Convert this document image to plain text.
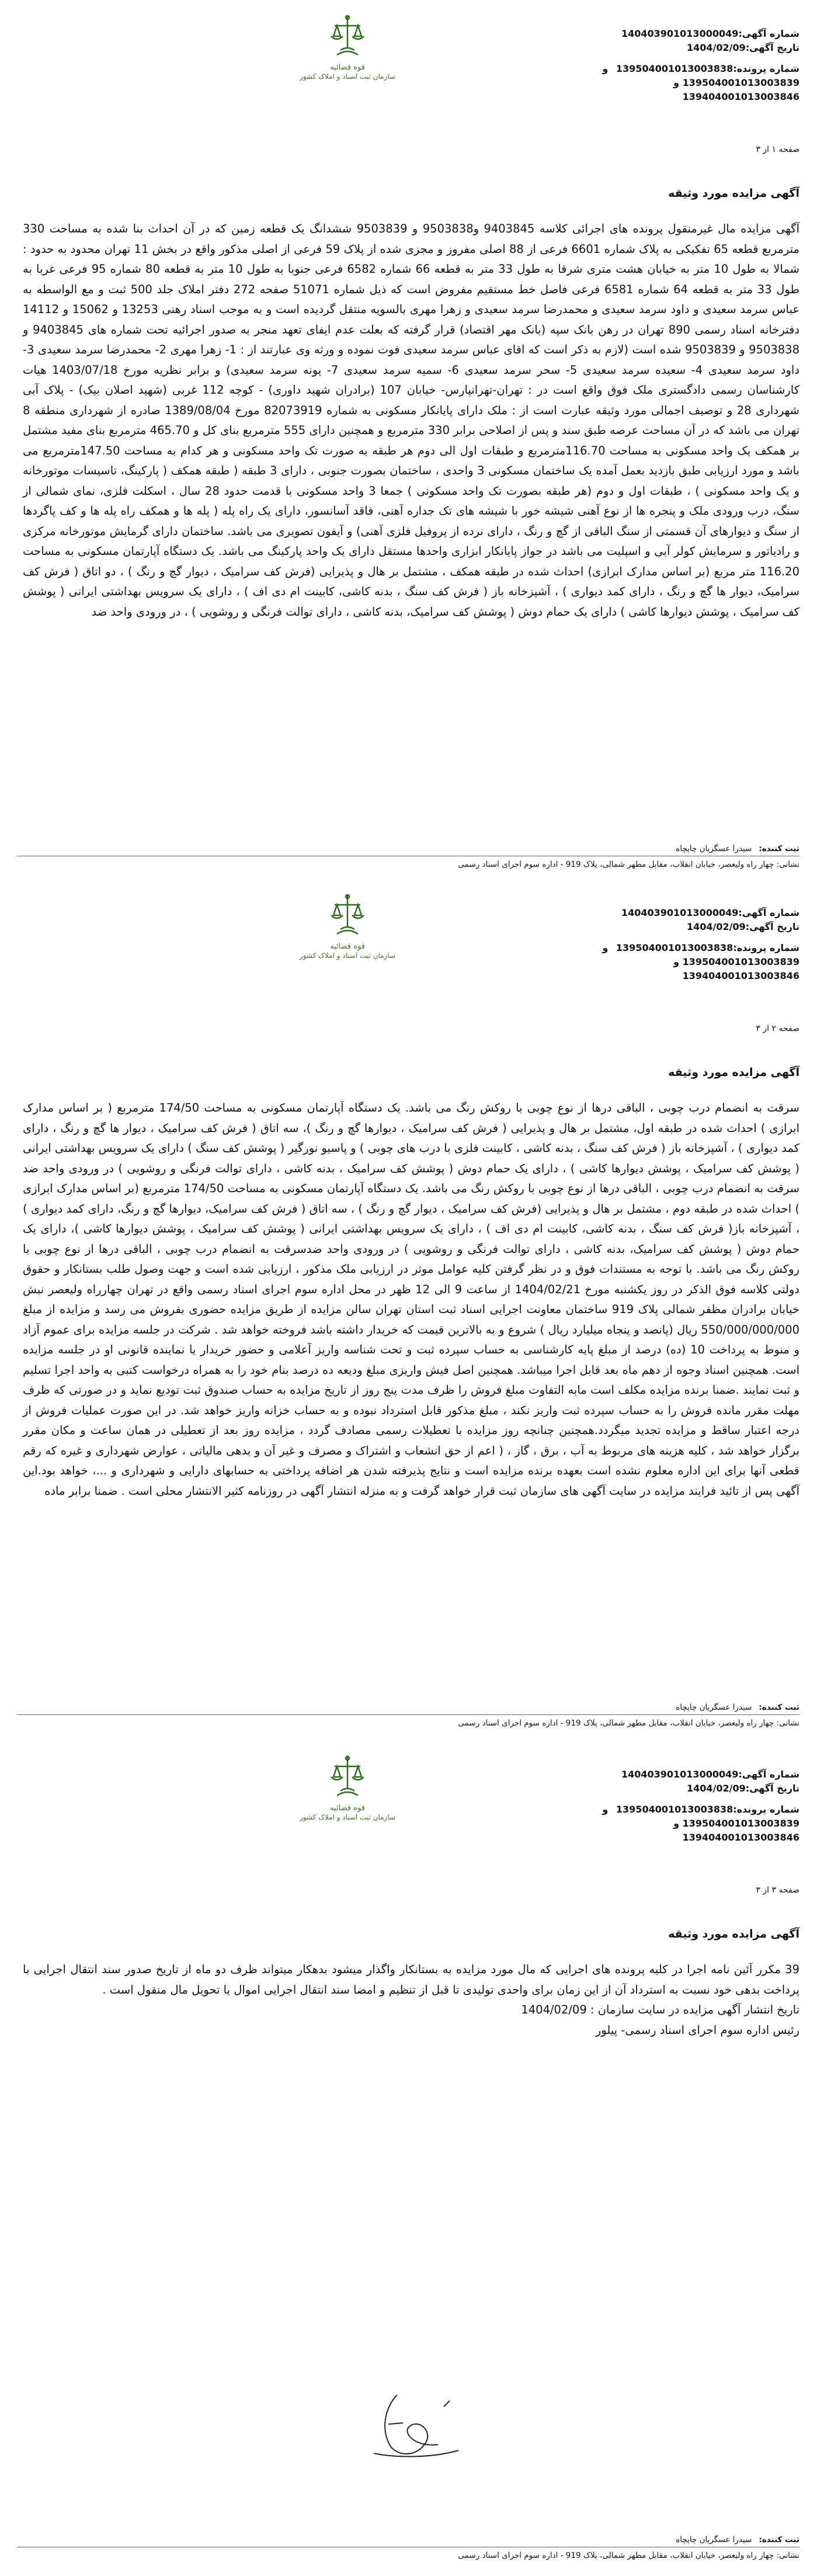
قوه قضائيه
سازمان ثبت اسناد و املاک کشور
شماره آگهی:140403901013000049
تاریخ آگهی:1404/02/09
شماره پرونده:13950400101300383​8 و
139504001013003839 و
139404001013003846
صفحه ۱ از ۳
آگهی مزایده مورد وثیقه

آگهی مزایده مال غیرمنقول پرونده های اجرائی کلاسه 9403845 و9503838 و 9503839 ششدانگ یک قطعه زمین که در آن احداث بنا شده به مساحت 330 مترمربع قطعه 65 تفکیکی به پلاک شماره 6601 فرعی از 88 اصلی مفروز و مجزی شده از پلاک 59 فرعی از اصلی مذکور واقع در بخش 11 تهران محدود به حدود : شمالا به طول 10 متر به خیابان هشت متری شرقا به طول 33 متر به قطعه 66 شماره 6582 فرعی جنوبا به طول 10 متر به قطعه 80 شماره 95 فرعی غربا به طول 33 متر به قطعه 64 شماره 6581 فرعی فاصل خط مستقیم مفروض است که ذیل شماره 51071 صفحه 272 دفتر املاک جلد 500 ثبت و مع الواسطه به عباس سرمد سعیدی و داود سرمد سعیدی و محمدرضا سرمد سعیدی و زهرا مهری بالسویه منتقل گردیده است و به موجب اسناد رهنی 13253 و 15062 و 14112 دفترخانه اسناد رسمی 890 تهران در رهن بانک سپه (بانک مهر اقتصاد) قرار گرفته که بعلت عدم ایفای تعهد منجر به صدور اجرائیه تحت شماره های 9403845 و 9503838 و 9503839 شده است (لازم به ذکر است که اقای عباس سرمد سعیدی فوت نموده و ورثه وی عبارتند از : 1- زهرا مهری 2- محمدرضا سرمد سعیدی 3- داود سرمد سعیدی 4- سعیده سرمد سعیدی 5- سحر سرمد سعیدی 6- سمیه سرمد سعیدی 7- یونه سرمد سعیدی) و برابر نظریه مورخ 1403/07/18 هیات کارشناسان رسمی دادگستری ملک فوق واقع است در : تهران-تهرانپارس- خیابان 107 (برادران شهید داوری) - کوچه 112 غربی (شهید اصلان بیک) - پلاک آبی شهرداری 28 و توصیف اجمالی مورد وثیقه عبارت است از : ملک دارای پایانکار مسکونی به شماره 82073919 مورخ 1389/08/04 صادره از شهرداری منطقه 8 تهران می باشد که در آن مساحت عرصه طبق سند و پس از اصلاحی برابر 330 مترمربع و همچنین دارای 555 مترمربع بنای کل و 465.70 مترمربع بنای مفید مشتمل بر همکف یک واحد مسکونی به مساحت 116.70مترمربع و طبقات اول الی دوم هر طبقه به صورت تک واحد مسکونی و هر کدام به مساحت 147.50مترمربع می باشد و مورد ارزیابی طبق بازدید بعمل آمده یک ساختمان مسکونی 3 واحدی ، ساختمان بصورت جنوبی ، دارای 3 طبقه ( طبقه همکف ( پارکینگ، تاسیسات موتورخانه و یک واحد مسکونی ) ، طبقات اول و دوم (هر طبقه بصورت تک واحد مسکونی ) جمعا 3 واحد مسکونی با قدمت حدود 28 سال ، اسکلت فلزی، نمای شمالی از سنگ، درب ورودی ملک و پنجره ها از نوع آهنی شیشه خور با شیشه های تک جداره آهنی، فاقد آسانسور، دارای یک راه پله ( پله ها و همکف راه پله ها و کف پاگردها از سنگ و دیوارهای آن قسمتی از سنگ الباقی از گچ و رنگ ، دارای نرده از پروفیل فلزی آهنی) و آیفون تصویری می باشد. ساختمان دارای گرمایش موتورخانه مرکزی و رادیاتور و سرمایش کولر آبی و اسپلیت می باشد در جواز پایانکار ابزاری واحدها مستقل دارای یک واحد پارکینگ می باشد. یک دستگاه آپارتمان مسکونی به مساحت 116.20 متر مربع (بر اساس مدارک ابرازی) احداث شده در طبقه همکف ، مشتمل بر هال و پذیرایی (فرش کف سرامیک ، دیوار گچ و رنگ ) ، دو اتاق ( فرش کف سرامیک، دیوار ها گچ و رنگ ، دارای کمد دیواری ) ، آشپزخانه باز ( فرش کف سنگ ، بدنه کاشی، کابینت ام دی اف ) ، دارای یک سرویس بهداشتی ایرانی ( پوشش کف سرامیک ، پوشش دیوارها کاشی ) دارای یک حمام دوش ( پوشش کف سرامیک، بدنه کاشی ، دارای توالت فرنگی و روشویی ) ، در ورودی واحد ضد

ثبت کننده:
سیدرا عسگریان چاپچاه
نشانی: چهار راه ولیعصر، خیابان انقلاب، مقابل مطهر شمالی، پلاک 919 - اداره سوم اجرای اسناد رسمی
قوه قضائيه
سازمان ثبت اسناد و املاک کشور
شماره آگهی:140403901013000049
تاریخ آگهی:1404/02/09
شماره پرونده:13950400101300383​8 و
139504001013003839 و
139404001013003846
صفحه ۲ از ۳
آگهی مزایده مورد وثیقه

سرقت به انضمام درب چوبی ، الباقی درها از نوع چوبی با روکش رنگ می باشد. یک دستگاه آپارتمان مسکونی به مساحت 174/50 مترمربع ( بر اساس مدارک ابرازی ) احداث شده در طبقه اول، مشتمل بر هال و پذیرایی ( فرش کف سرامیک ، دیوارها گچ و رنگ )، سه اتاق ( فرش کف سرامیک ، دیوار ها گچ و رنگ ، دارای کمد دیواری ) ، آشپزخانه باز ( فرش کف سنگ ، بدنه کاشی ، کابینت فلزی با درب های چوبی ) و پاسیو نورگیر ( پوشش کف سنگ ) دارای یک سرویس بهداشتی ایرانی ( پوشش کف سرامیک ، پوشش دیوارها کاشی ) ، دارای یک حمام دوش ( پوشش کف سرامیک ، بدنه کاشی ، دارای توالت فرنگی و روشویی ) در ورودی واحد ضد سرقت به انضمام درب چوبی ، الباقی درها از نوع چوبی با روکش رنگ می باشد. یک دستگاه آپارتمان مسکونی به مساحت 174/50 مترمربع (بر اساس مدارک ابرازی ) احداث شده در طبقه دوم ، مشتمل بر هال و پذیرایی (فرش کف سرامیک ، دیوار گچ و رنگ ) ، سه اتاق ( فرش کف سرامیک، دیوارها گچ و رنگ، دارای کمد دیواری ) ، آشپزخانه باز( فرش کف سنگ ، بدنه کاشی، کابینت ام دی اف ) ، دارای یک سرویس بهداشتی ایرانی ( پوشش کف سرامیک ، پوشش دیوارها کاشی )، دارای یک حمام دوش ( پوشش کف سرامیک، بدنه کاشی ، دارای توالت فرنگی و روشویی ) در ورودی واحد ضدسرقت به انضمام درب چوبی ، الباقی درها از نوع چوبی با روکش رنگ می باشد. با توجه به مستندات فوق و در نظر گرفتن کلیه عوامل موثر در ارزیابی ملک مذکور ، ارزیابی شده است و جهت وصول طلب بستانکار و حقوق دولتی کلاسه فوق الذکر در روز یکشنبه مورخ 1404/02/21 از ساعت 9 الی 12 ظهر در محل اداره سوم اجرای اسناد رسمی واقع در تهران چهارراه ولیعصر نبش خیابان برادران مظفر شمالی پلاک 919 ساختمان معاونت اجرایی اسناد ثبت استان تهران سالن مزایده از طریق مزایده حضوری بفروش می رسد و مزایده از مبلغ 550/000/000/000 ریال (پانصد و پنجاه میلیارد ریال ) شروع و به بالاترین قیمت که خریدار داشته باشد فروخته خواهد شد . شرکت در جلسه مزایده برای عموم آزاد و منوط به پرداخت 10 (ده) درصد از مبلغ پایه کارشناسی به حساب سپرده ثبت و تحت شناسه واریز آعلامی و حضور خریدار یا نماینده قانونی او در جلسه مزایده است. همچنین اسناد وجوه از دهم ماه بعد قابل اجرا میباشد. همچنین اصل فیش واریزی مبلغ ودیعه ده درصد بنام خود را به همراه درخواست کتبی به واحد اجرا تسلیم و ثبت نمایند .ضمنا برنده مزایده مکلف است مابه التفاوت مبلغ فروش را ظرف مدت پنج روز از تاریخ مزایده به حساب صندوق ثبت تودیع نماید و در صورتی که ظرف مهلت مقرر مانده فروش را به حساب سپرده ثبت واریز نکند ، مبلغ مذکور قابل استرداد نبوده و به حساب خزانه واریز خواهد شد. در این صورت عملیات فروش از درجه اعتبار ساقط و مزایده تجدید میگردد.همچنین چنانچه روز مزایده با تعطیلات رسمی مصادف گردد ، مزایده روز بعد از تعطیلی در همان ساعت و مکان مقرر برگزار خواهد شد ، کلیه هزینه های مربوط به آب ، برق ، گاز ، ( اعم از حق انشعاب و اشتراک و مصرف و غیر آن و بدهی مالیاتی ، عوارض شهرداری و غیره که رقم قطعی آنها برای این اداره معلوم نشده است بعهده برنده مزایده است و نتایج پذیرفته شدن هر اضافه پرداختی به حسابهای دارایی و شهرداری و ...، خواهد بود.این آگهی پس از تائید فرایند مزایده در سایت آگهی های سازمان ثبت قرار خواهد گرفت و به منزله انتشار آگهی در روزنامه کثیر الانتشار محلی است . ضمنا برابر ماده

ثبت کننده:
سیدرا عسگریان چاپچاه
نشانی: چهار راه ولیعصر، خیابان انقلاب، مقابل مطهر شمالی، پلاک 919 - اداره سوم اجرای اسناد رسمی
قوه قضائيه
سازمان ثبت اسناد و املاک کشور
شماره آگهی:140403901013000049
تاریخ آگهی:1404/02/09
شماره پرونده:13950400101300383​8 و
139504001013003839 و
139404001013003846
صفحه ۳ از ۳
آگهی مزایده مورد وثیقه

39 مکرر آئین نامه اجرا در کلیه پرونده های اجرایی که مال مورد مزایده به بستانکار واگذار میشود بدهکار میتواند ظرف دو ماه از تاریخ صدور سند انتقال اجرایی با پرداخت بدهی خود نسبت به استرداد آن از این زمان برای واحدی تولیدی تا قبل از تنظیم و امضا سند انتقال اجرایی اموال یا تحویل مال منقول است .

تاریخ انتشار آگهی مزایده در سایت سازمان : 1404/02/09

رئیس اداره سوم اجرای اسناد رسمی- پیلور

ثبت کننده:
سیدرا عسگریان چاپچاه
نشانی: چهار راه ولیعصر، خیابان انقلاب، مقابل مطهر شمالی، پلاک 919 - اداره سوم اجرای اسناد رسمی
